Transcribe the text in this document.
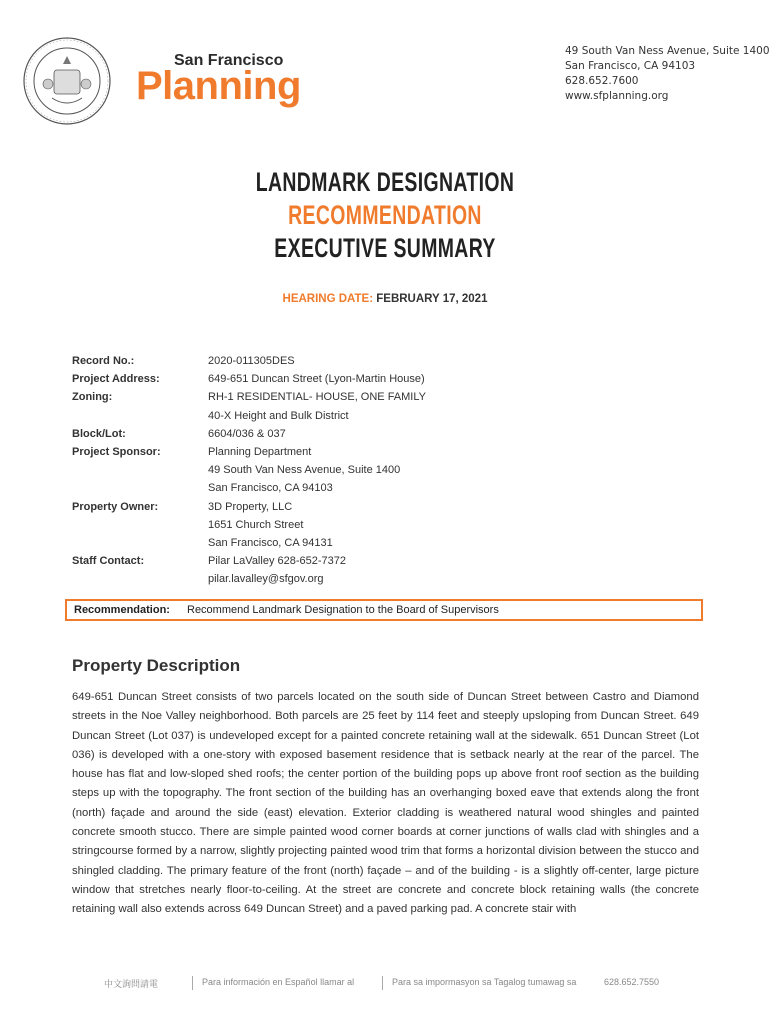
San Francisco
Planning
49 South Van Ness Avenue, Suite 1400
San Francisco, CA 94103
628.652.7600
www.sfplanning.org
LANDMARK DESIGNATION
RECOMMENDATION
EXECUTIVE SUMMARY
HEARING DATE: FEBRUARY 17, 2021
Record No.:	2020-011305DES
Project Address:	649-651 Duncan Street (Lyon-Martin House)
Zoning:	RH-1 RESIDENTIAL- HOUSE, ONE FAMILY
40-X Height and Bulk District
Block/Lot:	6604/036 & 037
Project Sponsor:	Planning Department
49 South Van Ness Avenue, Suite 1400
San Francisco, CA 94103
Property Owner:	3D Property, LLC
1651 Church Street
San Francisco, CA 94131
Staff Contact:	Pilar LaValley 628-652-7372
pilar.lavalley@sfgov.org
Recommendation: Recommend Landmark Designation to the Board of Supervisors
Property Description
649-651 Duncan Street consists of two parcels located on the south side of Duncan Street between Castro and Diamond streets in the Noe Valley neighborhood. Both parcels are 25 feet by 114 feet and steeply upsloping from Duncan Street. 649 Duncan Street (Lot 037) is undeveloped except for a painted concrete retaining wall at the sidewalk. 651 Duncan Street (Lot 036) is developed with a one-story with exposed basement residence that is setback nearly at the rear of the parcel. The house has flat and low-sloped shed roofs; the center portion of the building pops up above front roof section as the building steps up with the topography. The front section of the building has an overhanging boxed eave that extends along the front (north) façade and around the side (east) elevation. Exterior cladding is weathered natural wood shingles and painted concrete smooth stucco. There are simple painted wood corner boards at corner junctions of walls clad with shingles and a stringcourse formed by a narrow, slightly projecting painted wood trim that forms a horizontal division between the stucco and shingled cladding. The primary feature of the front (north) façade – and of the building - is a slightly off-center, large picture window that stretches nearly floor-to-ceiling. At the street are concrete and concrete block retaining walls (the concrete retaining wall also extends across 649 Duncan Street) and a paved parking pad. A concrete stair with
中文詢問請電	Para información en Español llamar al	Para sa impormasyon sa Tagalog tumawag sa	628.652.7550
